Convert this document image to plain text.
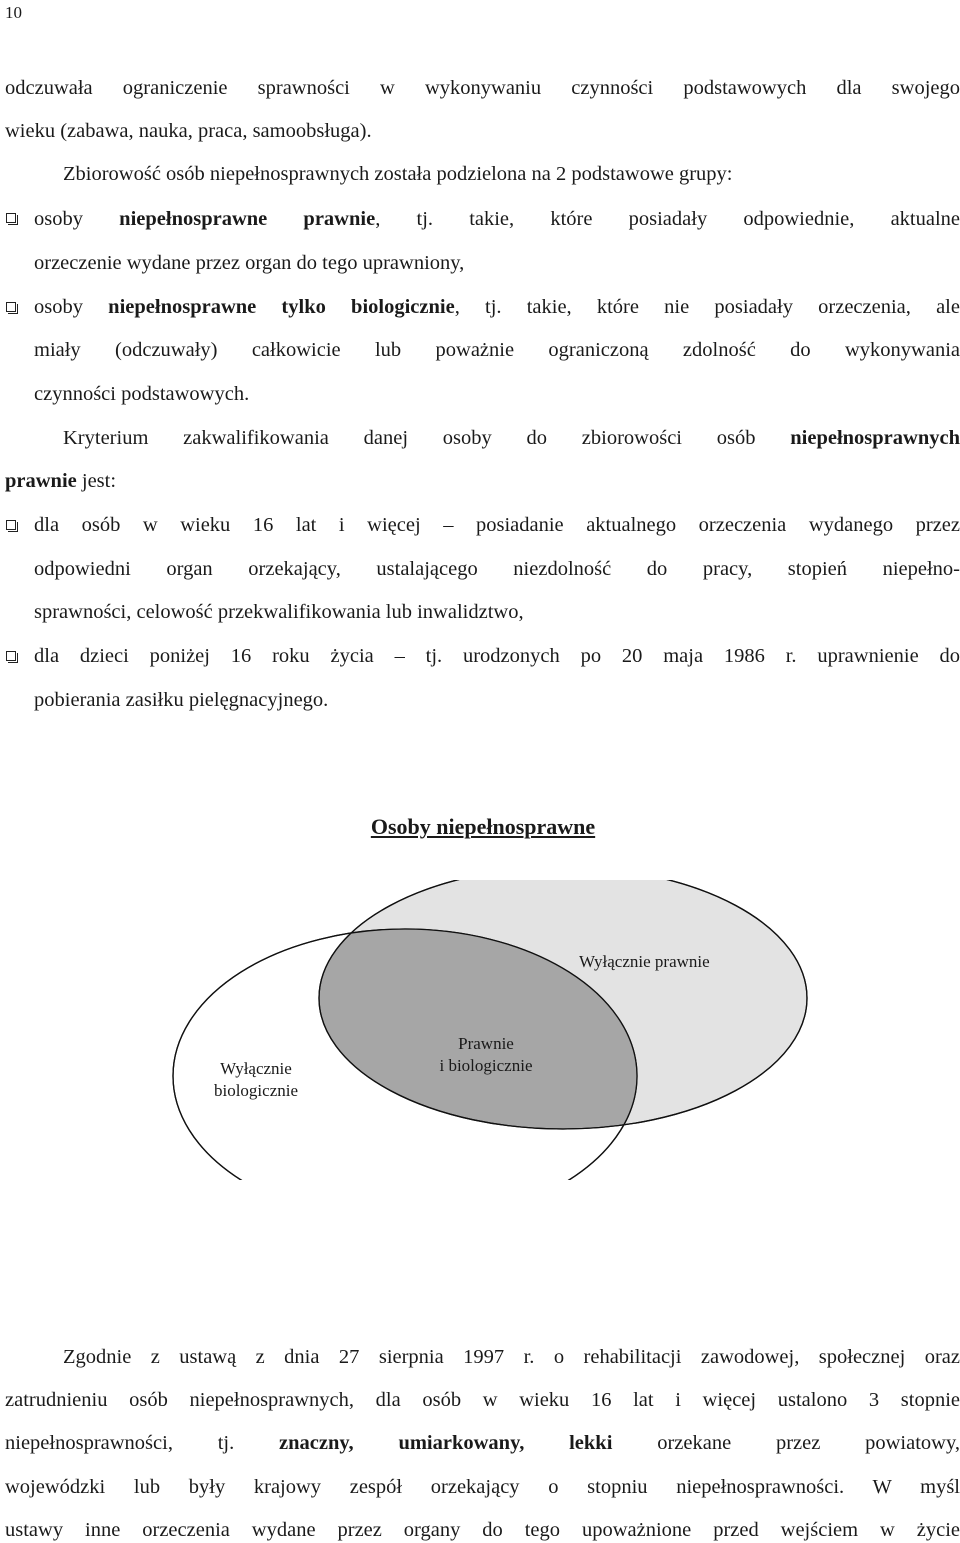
10
odczuwała ograniczenie sprawności w wykonywaniu czynności podstawowych dla swojego
wieku (zabawa, nauka, praca, samoobsługa).
Zbiorowość osób niepełnosprawnych została podzielona na 2 podstawowe grupy:
osoby niepełnosprawne prawnie, tj. takie, które posiadały odpowiednie, aktualne
orzeczenie wydane przez organ do tego uprawniony,
osoby niepełnosprawne tylko biologicznie, tj. takie, które nie posiadały orzeczenia, ale
miały (odczuwały) całkowicie lub poważnie ograniczoną zdolność do wykonywania
czynności podstawowych.
Kryterium zakwalifikowania danej osoby do zbiorowości osób niepełnosprawnych
prawnie jest:
dla osób w wieku 16 lat i więcej – posiadanie aktualnego orzeczenia wydanego przez
odpowiedni organ orzekający, ustalającego niezdolność do pracy, stopień niepełno-
sprawności, celowość przekwalifikowania lub inwalidztwo,
dla dzieci poniżej 16 roku życia – tj. urodzonych po 20 maja 1986 r. uprawnienie do
pobierania zasiłku pielęgnacyjnego.
Osoby niepełnosprawne
Wyłącznie prawnie
Wyłącznie
biologicznie
Prawnie
i biologicznie
Zgodnie z ustawą z dnia 27 sierpnia 1997 r. o rehabilitacji zawodowej, społecznej oraz
zatrudnieniu osób niepełnosprawnych, dla osób w wieku 16 lat i więcej ustalono 3 stopnie
niepełnosprawności, tj. znaczny, umiarkowany, lekki orzekane przez powiatowy,
wojewódzki lub były krajowy zespół orzekający o stopniu niepełnosprawności. W myśl
ustawy inne orzeczenia wydane przez organy do tego upoważnione przed wejściem w życie
